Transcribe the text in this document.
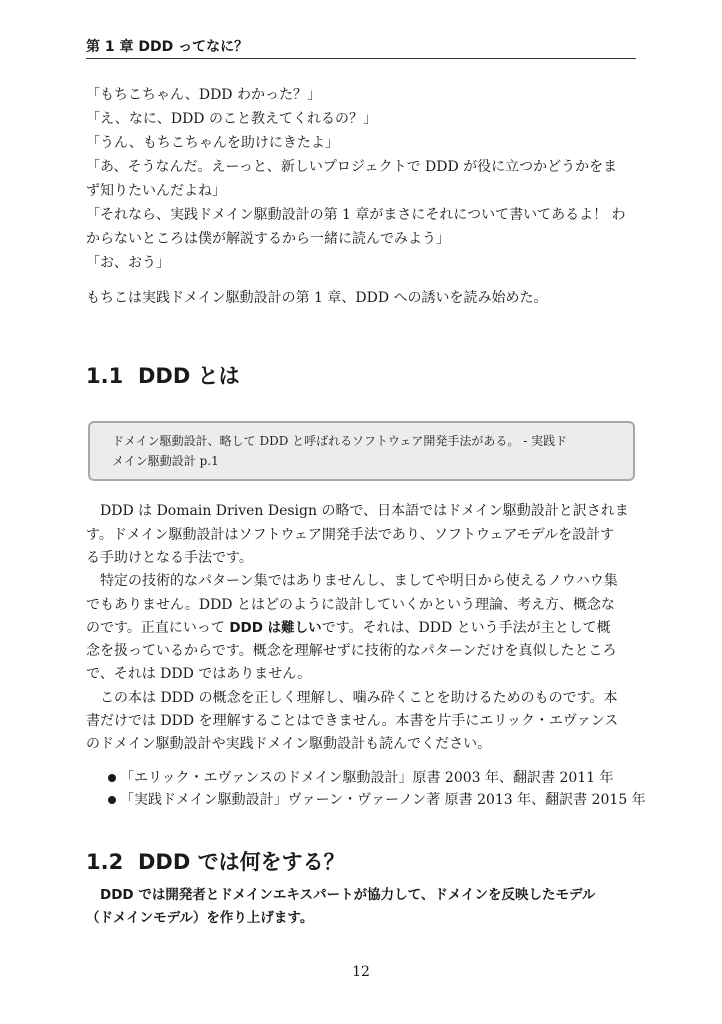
第 1 章 DDD ってなに？
「もちこちゃん、DDD わかった？」
「え、なに、DDD のこと教えてくれるの？」
「うん、もちこちゃんを助けにきたよ」
「あ、そうなんだ。えーっと、新しいプロジェクトで DDD が役に立つかどうかをま
ず知りたいんだよね」
「それなら、実践ドメイン駆動設計の第 1 章がまさにそれについて書いてあるよ！ わ
からないところは僕が解説するから一緒に読んでみよう」
「お、おう」
もちこは実践ドメイン駆動設計の第 1 章、DDD への誘いを読み始めた。
1.1 DDD とは
ドメイン駆動設計、略して DDD と呼ばれるソフトウェア開発手法がある。 - 実践ド
メイン駆動設計 p.1
DDD は Domain Driven Design の略で、日本語ではドメイン駆動設計と訳されま
す。ドメイン駆動設計はソフトウェア開発手法であり、ソフトウェアモデルを設計す
る手助けとなる手法です。
特定の技術的なパターン集ではありませんし、ましてや明日から使えるノウハウ集
でもありません。DDD とはどのように設計していくかという理論、考え方、概念な
のです。正直にいって DDD は難しいです。それは、DDD という手法が主として概
念を扱っているからです。概念を理解せずに技術的なパターンだけを真似したところ
で、それは DDD ではありません。
この本は DDD の概念を正しく理解し、噛み砕くことを助けるためのものです。本
書だけでは DDD を理解することはできません。本書を片手にエリック・エヴァンス
のドメイン駆動設計や実践ドメイン駆動設計も読んでください。
「エリック・エヴァンスのドメイン駆動設計」原書 2003 年、翻訳書 2011 年
「実践ドメイン駆動設計」ヴァーン・ヴァーノン著 原書 2013 年、翻訳書 2015 年
1.2 DDD では何をする？
DDD では開発者とドメインエキスパートが協力して、ドメインを反映したモデル
（ドメインモデル）を作り上げます。
12
